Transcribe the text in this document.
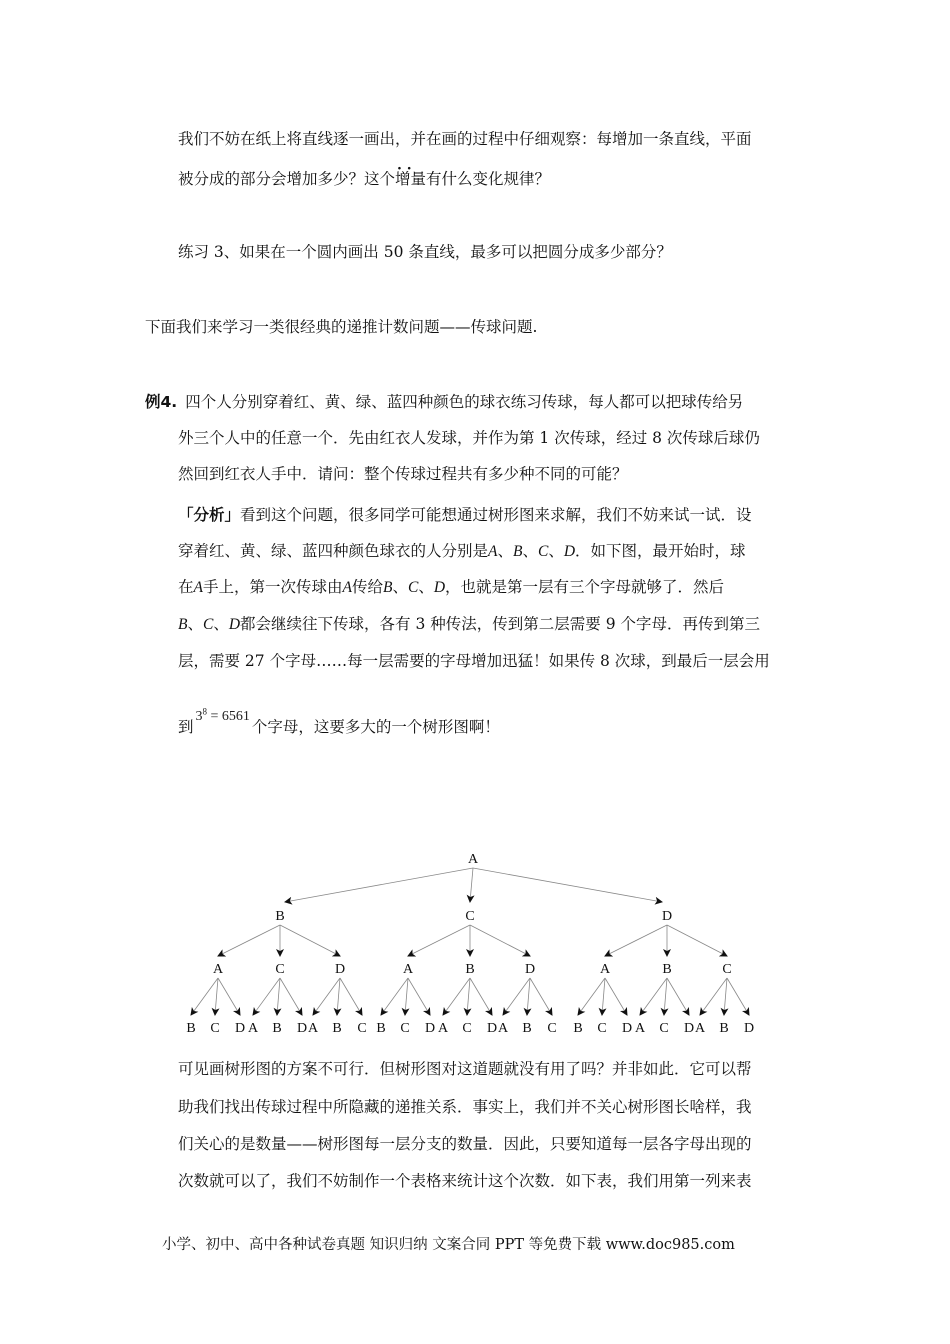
我们不妨在纸上将直线逐一画出，并在画的过程中仔细观察：每增加一条直线，平面
被分成的部分会增加多少？这个· · 增量有什么变化规律？
练习 3、如果在一个圆内画出 50 条直线，最多可以把圆分成多少部分？
下面我们来学习一类很经典的递推计数问题——传球问题.
例4. 四个人分别穿着红、黄、绿、蓝四种颜色的球衣练习传球，每人都可以把球传给另
外三个人中的任意一个．先由红衣人发球，并作为第 1 次传球，经过 8 次传球后球仍
然回到红衣人手中．请问：整个传球过程共有多少种不同的可能？
「分析」看到这个问题，很多同学可能想通过树形图来求解，我们不妨来试一试．设
穿着红、黄、绿、蓝四种颜色球衣的人分别是A、B、C、D．如下图，最开始时，球
在A手上，第一次传球由A传给B、C、D，也就是第一层有三个字母就够了．然后
B、C、D都会继续往下传球，各有 3 种传法，传到第二层需要 9 个字母．再传到第三
层，需要 27 个字母……每一层需要的字母增加迅猛！如果传 8 次球，到最后一层会用
到$3^8 = 6561$个字母，这要多大的一个树形图啊！
A
B
A
B C D
C
A B D
D
A B C
C
A
B C D
B
A C D
D
A B C
D
A
B C D
B
A C D
C
A B D
可见画树形图的方案不可行．但树形图对这道题就没有用了吗？并非如此．它可以帮
助我们找出传球过程中所隐藏的递推关系．事实上，我们并不关心树形图长啥样，我
们关心的是数量——树形图每一层分支的数量．因此，只要知道每一层各字母出现的
次数就可以了，我们不妨制作一个表格来统计这个次数．如下表，我们用第一列来表
小学、初中、高中各种试卷真题 知识归纳 文案合同 PPT 等免费下载 www.doc985.com
